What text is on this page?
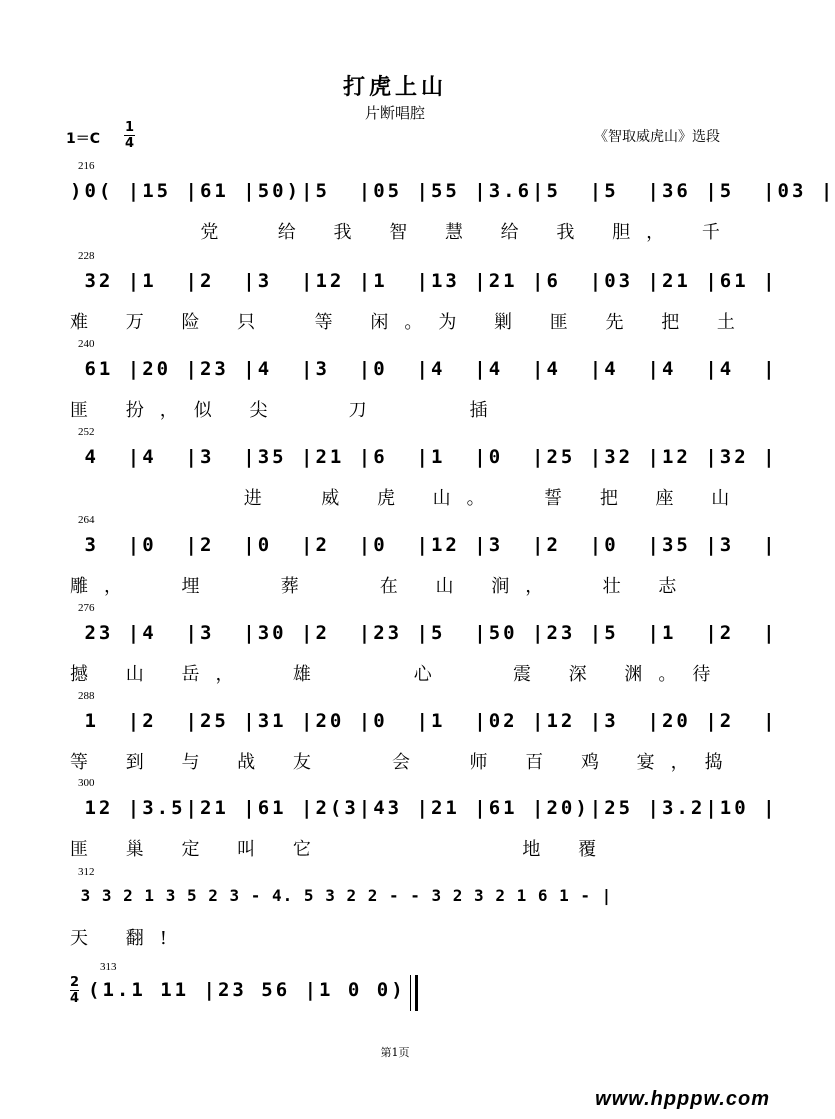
打虎上山
片断唱腔
$1=C \frac{1}{4}$	《智取威虎山》选段
216
)0( |15 |61 |50)|5  |05 |55 |3.6|5  |5  |36 |5  |03 |
党  给 我 智 慧 给 我 胆， 千
228
32 |1  |2  |3  |12 |1  |13 |21 |6  |03 |21 |61 |
难 万 险 只  等 闲。为 剿 匪 先 把 土
240
61 |20 |23 |4  |3  |0  |4  |4  |4  |4  |4  |4  |
匪 扮，似 尖   刀    插
252
4  |4  |3  |35 |21 |6  |1  |0  |25 |32 |12 |32 |
进  威 虎 山。  誓 把 座 山
264
3  |0  |2  |0  |2  |0  |12 |3  |2  |0  |35 |3  |
雕，  埋   葬   在 山 涧，  壮 志
276
23 |4  |3  |30 |2  |23 |5  |50 |23 |5  |1  |2  |
撼 山 岳，  雄    心   震 深 渊。待
288
1  |2  |25 |31 |20 |0  |1  |02 |12 |3  |20 |2  |
等 到 与 战 友   会  师 百 鸡 宴，捣
300
12 |3.5|21 |61 |2(3|43 |21 |61 |20)|25 |3.2|10 |
匪 巢 定 叫 它         地 覆
312
3 3 2 1 3 5 2 3 - 4. 5 3 2 2 - - 3 2 3 2 1 6 1 - |
天 翻!
$\frac{2}{4}$
313
(1.1 11 |23 56 |1 0 0)
第1页
www.hpppw.com
